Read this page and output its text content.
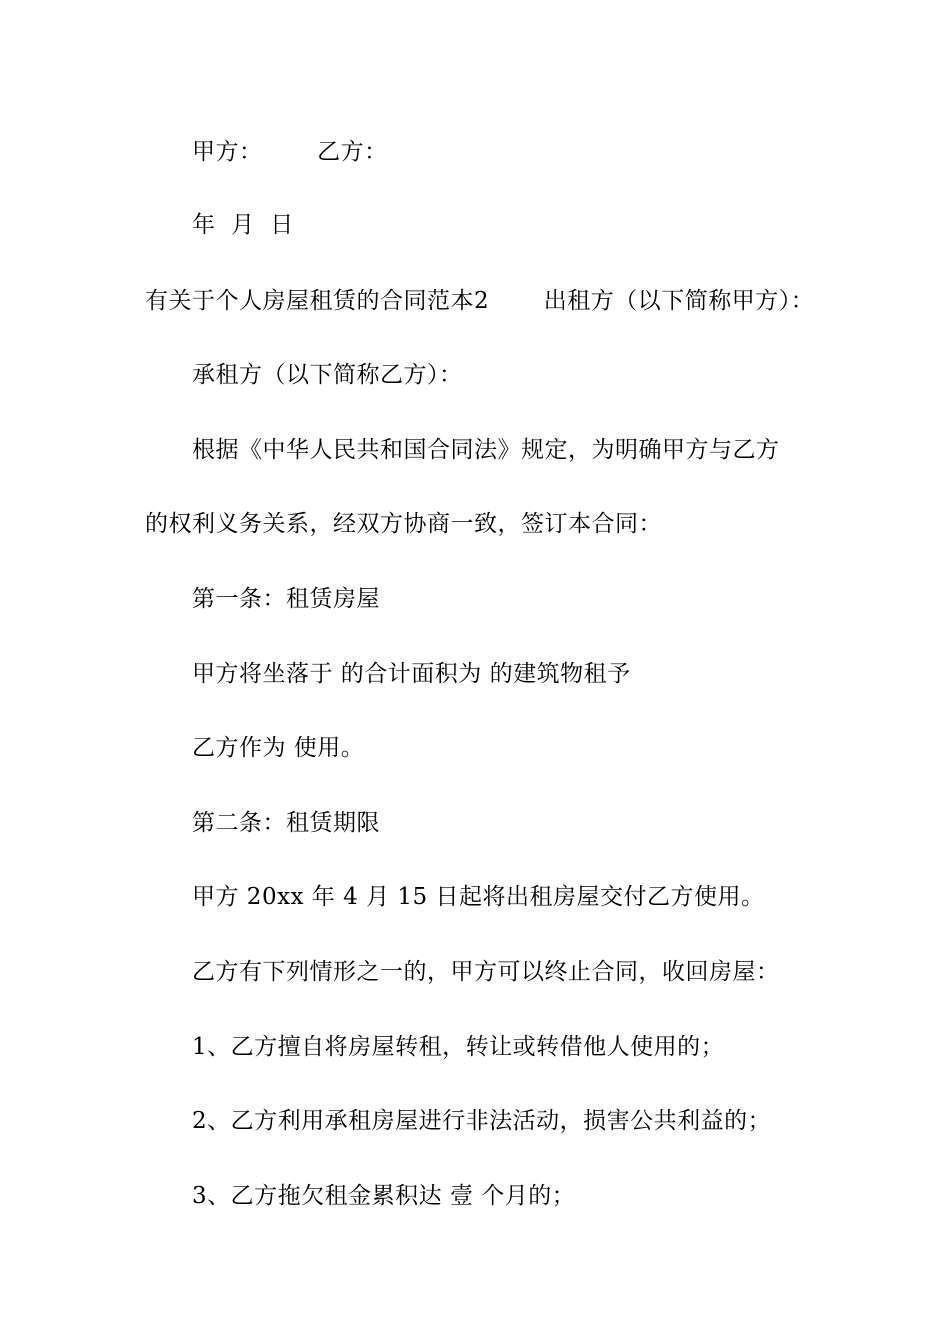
甲方：       乙方：
年  月  日
有关于个人房屋租赁的合同范本2       出租方（以下简称甲方）：
承租方（以下简称乙方）：
根据《中华人民共和国合同法》规定，为明确甲方与乙方
的权利义务关系，经双方协商一致，签订本合同：
第一条：租赁房屋
甲方将坐落于 的合计面积为 的建筑物租予
乙方作为 使用。
第二条：租赁期限
甲方 20xx 年 4 月 15 日起将出租房屋交付乙方使用。
乙方有下列情形之一的，甲方可以终止合同，收回房屋：
1、乙方擅自将房屋转租，转让或转借他人使用的；
2、乙方利用承租房屋进行非法活动，损害公共利益的；
3、乙方拖欠租金累积达 壹 个月的；
